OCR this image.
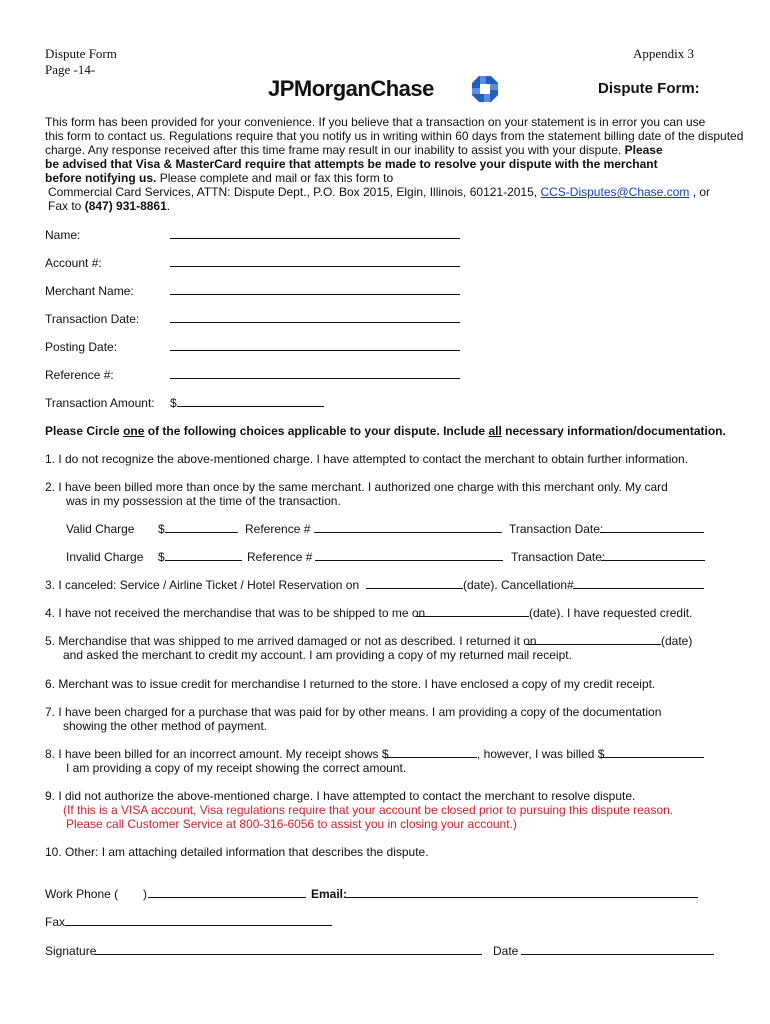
Dispute Form
Page -14-
Appendix 3
JPMorganChase	Dispute Form:
This form has been provided for your convenience. If you believe that a transaction on your statement is in error you can use
this form to contact us. Regulations require that you notify us in writing within 60 days from the statement billing date of the disputed
charge. Any response received after this time frame may result in our inability to assist you with your dispute. Please
be advised that Visa & MasterCard require that attempts be made to resolve your dispute with the merchant
before notifying us. Please complete and mail or fax this form to
Commercial Card Services, ATTN: Dispute Dept., P.O. Box 2015, Elgin, Illinois, 60121-2015, CCS-Disputes@Chase.com , or
Fax to (847) 931-8861.
Name:
Account #:
Merchant Name:
Transaction Date:
Posting Date:
Reference #:
Transaction Amount: $
Please Circle one of the following choices applicable to your dispute. Include all necessary information/documentation.
1. I do not recognize the above-mentioned charge. I have attempted to contact the merchant to obtain further information.
2. I have been billed more than once by the same merchant. I authorized one charge with this merchant only. My card
was in my possession at the time of the transaction.
Valid Charge $	Reference #	Transaction Date:
Invalid Charge $	Reference #	Transaction Date:
3. I canceled: Service / Airline Ticket / Hotel Reservation on	(date). Cancellation#
4. I have not received the merchandise that was to be shipped to me on	(date). I have requested credit.
5. Merchandise that was shipped to me arrived damaged or not as described. I returned it on	(date)
and asked the merchant to credit my account. I am providing a copy of my returned mail receipt.
6. Merchant was to issue credit for merchandise I returned to the store. I have enclosed a copy of my credit receipt.
7. I have been charged for a purchase that was paid for by other means. I am providing a copy of the documentation
showing the other method of payment.
8. I have been billed for an incorrect amount. My receipt shows $	, however, I was billed $
I am providing a copy of my receipt showing the correct amount.
9. I did not authorize the above-mentioned charge. I have attempted to contact the merchant to resolve dispute.
(If this is a VISA account, Visa regulations require that your account be closed prior to pursuing this dispute reason.
Please call Customer Service at 800-316-6056 to assist you in closing your account.)
10. Other: I am attaching detailed information that describes the dispute.
Work Phone ( )	Email:
Fax
Signature	Date
